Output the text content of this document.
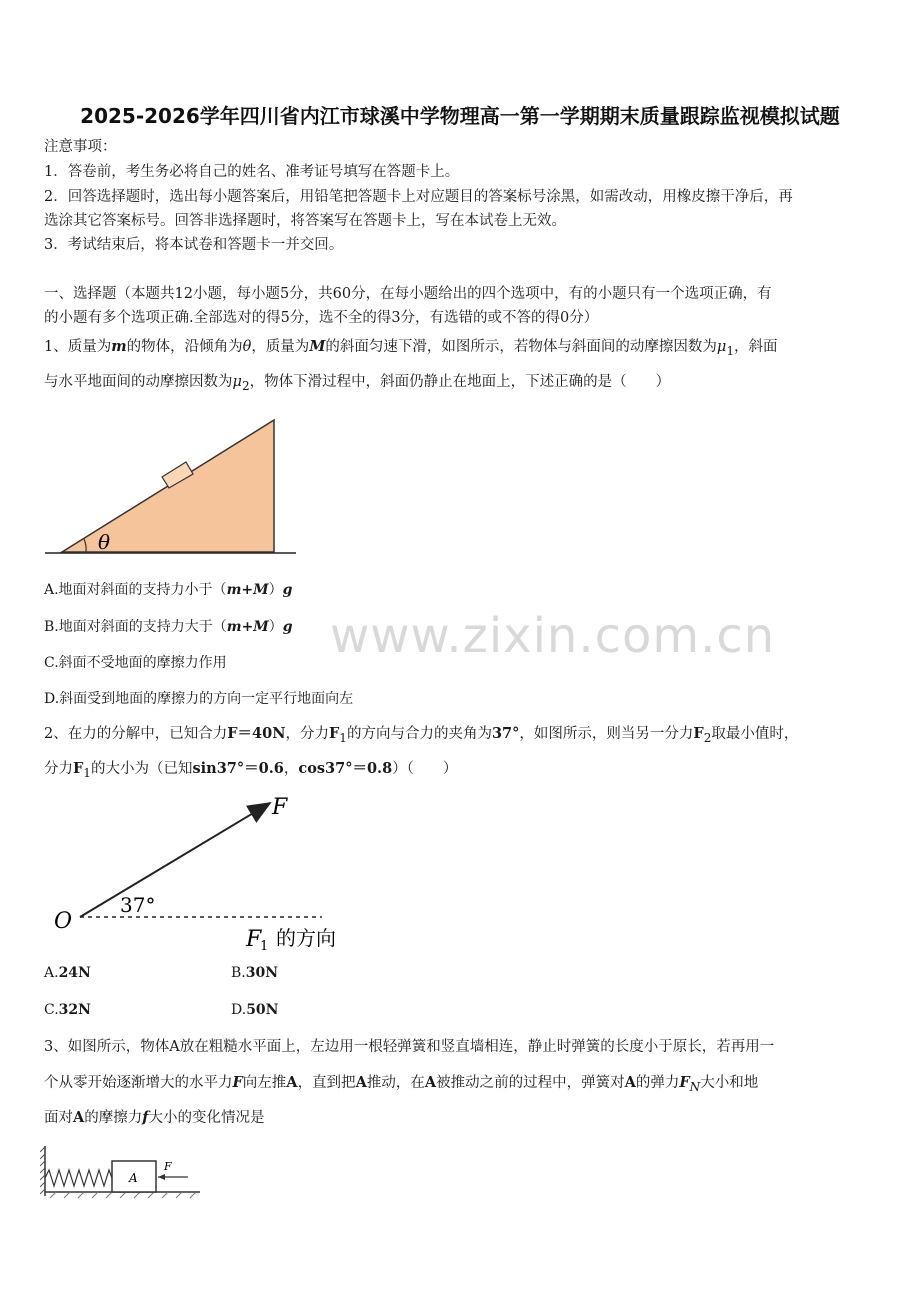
www.zixin.com.cn
2025-2026学年四川省内江市球溪中学物理高一第一学期期末质量跟踪监视模拟试题
注意事项：
1．答卷前，考生务必将自己的姓名、准考证号填写在答题卡上。
2．回答选择题时，选出每小题答案后，用铅笔把答题卡上对应题目的答案标号涂黑，如需改动，用橡皮擦干净后，再
选涂其它答案标号。回答非选择题时，将答案写在答题卡上，写在本试卷上无效。
3．考试结束后，将本试卷和答题卡一并交回。
一、选择题（本题共12小题，每小题5分，共60分，在每小题给出的四个选项中，有的小题只有一个选项正确，有
的小题有多个选项正确.全部选对的得5分，选不全的得3分，有选错的或不答的得0分）
1、质量为m的物体，沿倾角为θ，质量为M的斜面匀速下滑，如图所示，若物体与斜面间的动摩擦因数为$\mu_1$，斜面
与水平地面间的动摩擦因数为$\mu_2$，物体下滑过程中，斜面仍静止在地面上，下述正确的是（　　）
θ
A.地面对斜面的支持力小于（m+M）g
B.地面对斜面的支持力大于（m+M）g
C.斜面不受地面的摩擦力作用
D.斜面受到地面的摩擦力的方向一定平行地面向左
2、在力的分解中，已知合力F＝40N，分力$F_1$的方向与合力的夹角为37°，如图所示，则当另一分力$F_2$取最小值时，
分力$F_1$的大小为（已知sin37°＝0.6，cos37°＝0.8）（　　）
F
O
37°
F
1 的方向
A.24N	B.30N
C.32N	D.50N
3、如图所示，物体A放在粗糙水平面上，左边用一根轻弹簧和竖直墙相连，静止时弹簧的长度小于原长，若再用一
个从零开始逐渐增大的水平力F向左推A，直到把A推动，在A被推动之前的过程中，弹簧对A的弹力$F_N$大小和地
面对A的摩擦力f大小的变化情况是
A
F
